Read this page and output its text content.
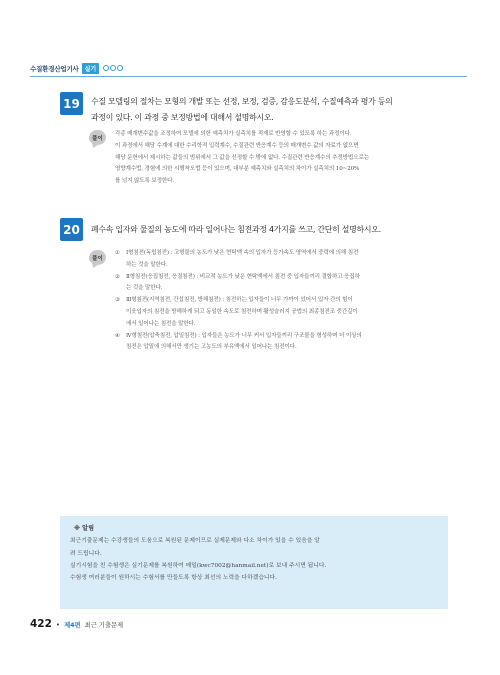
수질환경산업기사	실기
19	수질 모델링의 절차는 모형의 개발 또는 선정, 보정, 검증, 감응도분석, 수질예측과 평가 등의
과정이 있다. 이 과정 중 보정방법에 대해서 설명하시오.
풀이
각종 매개변수값을 조정하여 모델에 의한 예측치가 실측치를 적재로 반영할 수 있도록 하는 과정이다.
이 과정에서 해당 수계에 대한 수리학적 입력계수, 수질관련 반응계수 등의 매개변수 값의 자료가 없으면
해당 문헌에서 제시하는 값들의 범위에서 그 값을 선정할 수 밖에 없다. 수질관련 반응계수의 추정방법으로는
영향계수법, 경험에 의한 시행착오법 등이 있으며, 대부분 예측치와 실측치의 차이가 실측치의 10~20%
를 넘지 않도록 보정한다.
20	폐수속 입자와 물질의 농도에 따라 일어나는 침전과정 4가지를 쓰고, 간단히 설명하시오.
풀이
① Ⅰ형침전(독립침전) : 고형물의 농도가 낮은 현탁액 속의 입자가 등가속도 영역에서 중력에 의해 침전
하는 것을 말한다.
② Ⅱ형침전(응집침전, 응결침전) : 비교적 농도가 낮은 현탁액에서 침전 중 입자들끼리 결합하고 응집하
는 것을 말한다.
③ Ⅲ형침전(지역침전, 간섭침전, 방해침전) : 침전하는 입자들이 너무 가까이 있어서 입자 간의 힘이
이웃입자의 침전을 방해하게 되고 동일한 속도로 침전하며 활성슬러지 공법의 최종침전조 중간깊이
에서 일어나는 침전을 말한다.
④ Ⅳ형침전(압축침전, 압밀침전) : 입자들은 농도가 너무 커서 입자들끼리 구조물을 형성하며 더 이상의
침전은 압밀에 의해서만 생기는 고농도의 부유액에서 일어나는 침전이다.
※ 알림
최근기출문제는 수강생들의 도움으로 복원된 문제이므로 실제문제와 다소 차이가 있을 수 있음을 알
려 드립니다.
실기시험을 친 수험생은 실기문제를 복원하여 메일(kwc7002@hanmail.net)로 보내 주시면 됩니다.
수험생 여러분들이 원하시는 수험서를 만들도록 항상 최선의 노력을 다하겠습니다.
422 • 제4편 최근 기출문제
